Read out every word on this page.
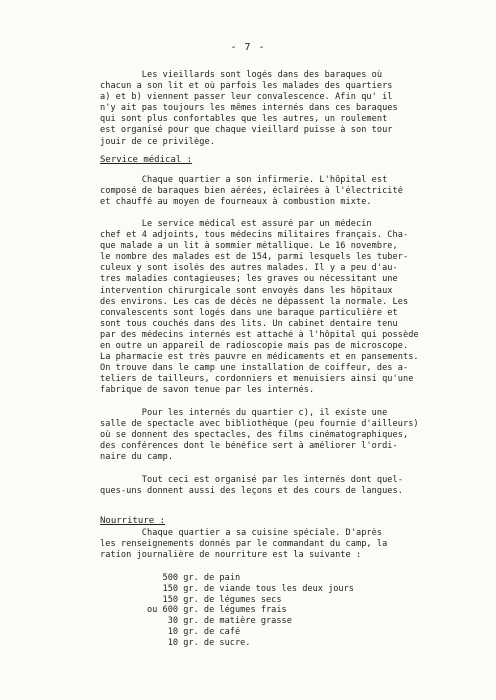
- 7 -
Les vieillards sont logés dans des baraques où
chacun a son lit et où parfois les malades des quartiers
a) et b) viennent passer leur convalescence. Afin qu' il
n'y ait pas toujours les mêmes internés dans ces baraques
qui sont plus confortables que les autres, un roulement
est organisé pour que chaque vieillard puisse à son tour
jouir de ce privilège.
Service médical :
Chaque quartier a son infirmerie. L'hôpital est
composé de baraques bien aérées, éclairées à l'électricité
et chauffé au moyen de fourneaux à combustion mixte.
Le service médical est assuré par un médecin
chef et 4 adjoints, tous médecins militaires français. Cha-
que malade a un lit à sommier métallique. Le 16 novembre,
le nombre des malades est de 154, parmi lesquels les tuber-
culeux y sont isolés des autres malades. Il y a peu d'au-
tres maladies contagieuses; les graves ou nécessitant une
intervention chirurgicale sont envoyés dans les hôpitaux
des environs. Les cas de décès ne dépassent la normale. Les
convalescents sont logés dans une baraque particulière et
sont tous couchés dans des lits. Un cabinet dentaire tenu
par des médecins internés est attaché à l'hôpital qui possède
en outre un appareil de radioscopie mais pas de microscope.
La pharmacie est très pauvre en médicaments et en pansements.
On trouve dans le camp une installation de coiffeur, des a-
teliers de tailleurs, cordonniers et menuisiers ainsi qu'une
fabrique de savon tenue par les internés.
Pour les internés du quartier c), il existe une
salle de spectacle avec bibliothèque (peu fournie d'ailleurs)
où se donnent des spectacles, des films cinématographiques,
des conférences dont le bénéfice sert à améliorer l'ordi-
naire du camp.
Tout ceci est organisé par les internés dont quel-
ques-uns donnent aussi des leçons et des cours de langues.
Nourriture :
Chaque quartier a sa cuisine spéciale. D'après
les renseignements donnés par le commandant du camp, la
ration journalière de nourriture est la suivante :
500 gr. de pain
150 gr. de viande tous les deux jours
150 gr. de légumes secs
ou 600 gr. de légumes frais
30 gr. de matière grasse
10 gr. de café
10 gr. de sucre.
